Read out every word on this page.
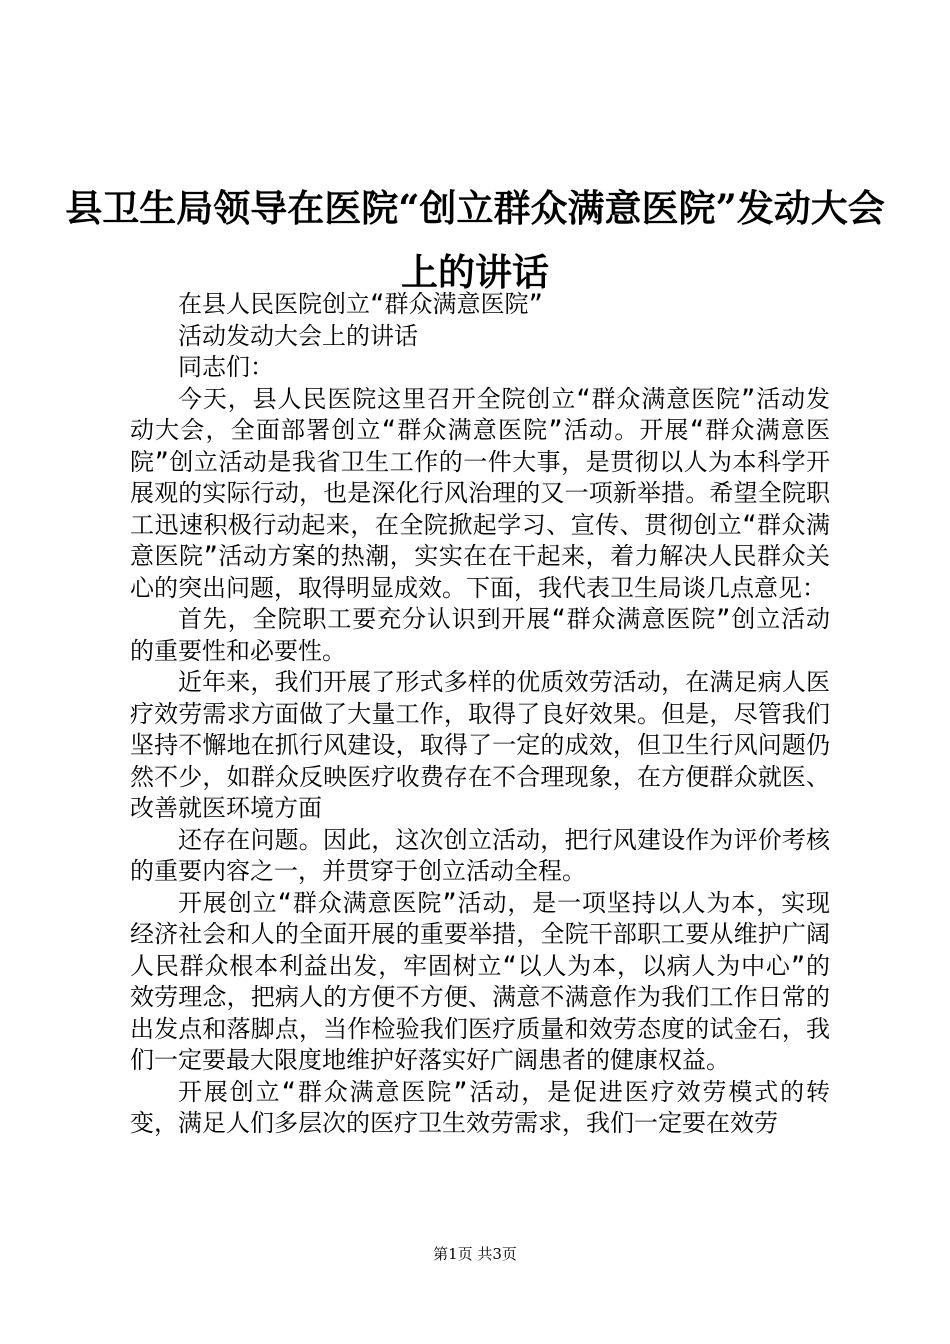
县卫生局领导在医院“创立群众满意医院”发动大会上的讲话

在县人民医院创立“群众满意医院”

活动发动大会上的讲话

同志们：

今天，县人民医院这里召开全院创立“群众满意医院”活动发动大会，全面部署创立“群众满意医院”活动。开展“群众满意医院”创立活动是我省卫生工作的一件大事，是贯彻以人为本科学开展观的实际行动，也是深化行风治理的又一项新举措。希望全院职工迅速积极行动起来，在全院掀起学习、宣传、贯彻创立“群众满意医院”活动方案的热潮，实实在在干起来，着力解决人民群众关心的突出问题，取得明显成效。下面，我代表卫生局谈几点意见：

首先，全院职工要充分认识到开展“群众满意医院”创立活动的重要性和必要性。

近年来，我们开展了形式多样的优质效劳活动，在满足病人医疗效劳需求方面做了大量工作，取得了良好效果。但是，尽管我们坚持不懈地在抓行风建设，取得了一定的成效，但卫生行风问题仍然不少，如群众反映医疗收费存在不合理现象，在方便群众就医、改善就医环境方面

还存在问题。因此，这次创立活动，把行风建设作为评价考核的重要内容之一，并贯穿于创立活动全程。

开展创立“群众满意医院”活动，是一项坚持以人为本，实现经济社会和人的全面开展的重要举措，全院干部职工要从维护广阔人民群众根本利益出发，牢固树立“以人为本，以病人为中心”的效劳理念，把病人的方便不方便、满意不满意作为我们工作日常的出发点和落脚点，当作检验我们医疗质量和效劳态度的试金石，我们一定要最大限度地维护好落实好广阔患者的健康权益。

开展创立“群众满意医院”活动，是促进医疗效劳模式的转变，满足人们多层次的医疗卫生效劳需求，我们一定要在效劳

第1页 共3页
